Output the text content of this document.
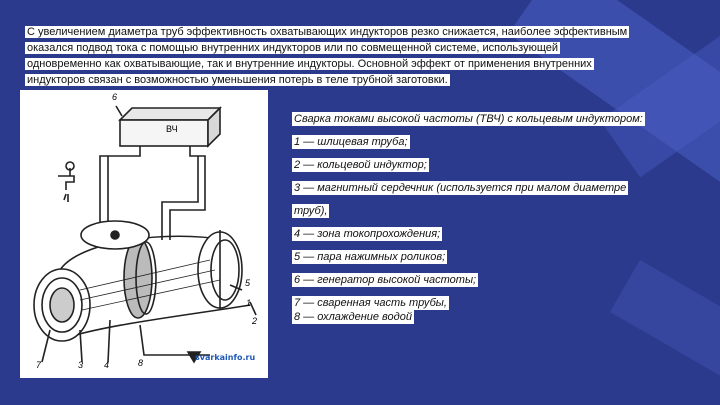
С увеличением диаметра труб эффективность охватывающих индукторов резко снижается, наиболее эффективным
оказался подвод тока с помощью внутренних индукторов или по совмещенной системе, использующей
одновременно как охватывающие, так и внутренние индукторы. Основной эффект от применения внутренних
индукторов связан с возможностью уменьшения потерь в теле трубной заготовки.
6
ВЧ
5
1
2
3 4
7	8
svarkainfo.ru
Сварка токами высокой частоты (ТВЧ) с кольцевым индуктором:
1 — шлицевая труба;
2 — кольцевой индуктор;
3 — магнитный сердечник (используется при малом диаметре
труб),
4 — зона токопрохождения;
5 — пара нажимных роликов;
6 — генератор высокой частоты;
7 — сваренная часть трубы,
8 — охлаждение водой
